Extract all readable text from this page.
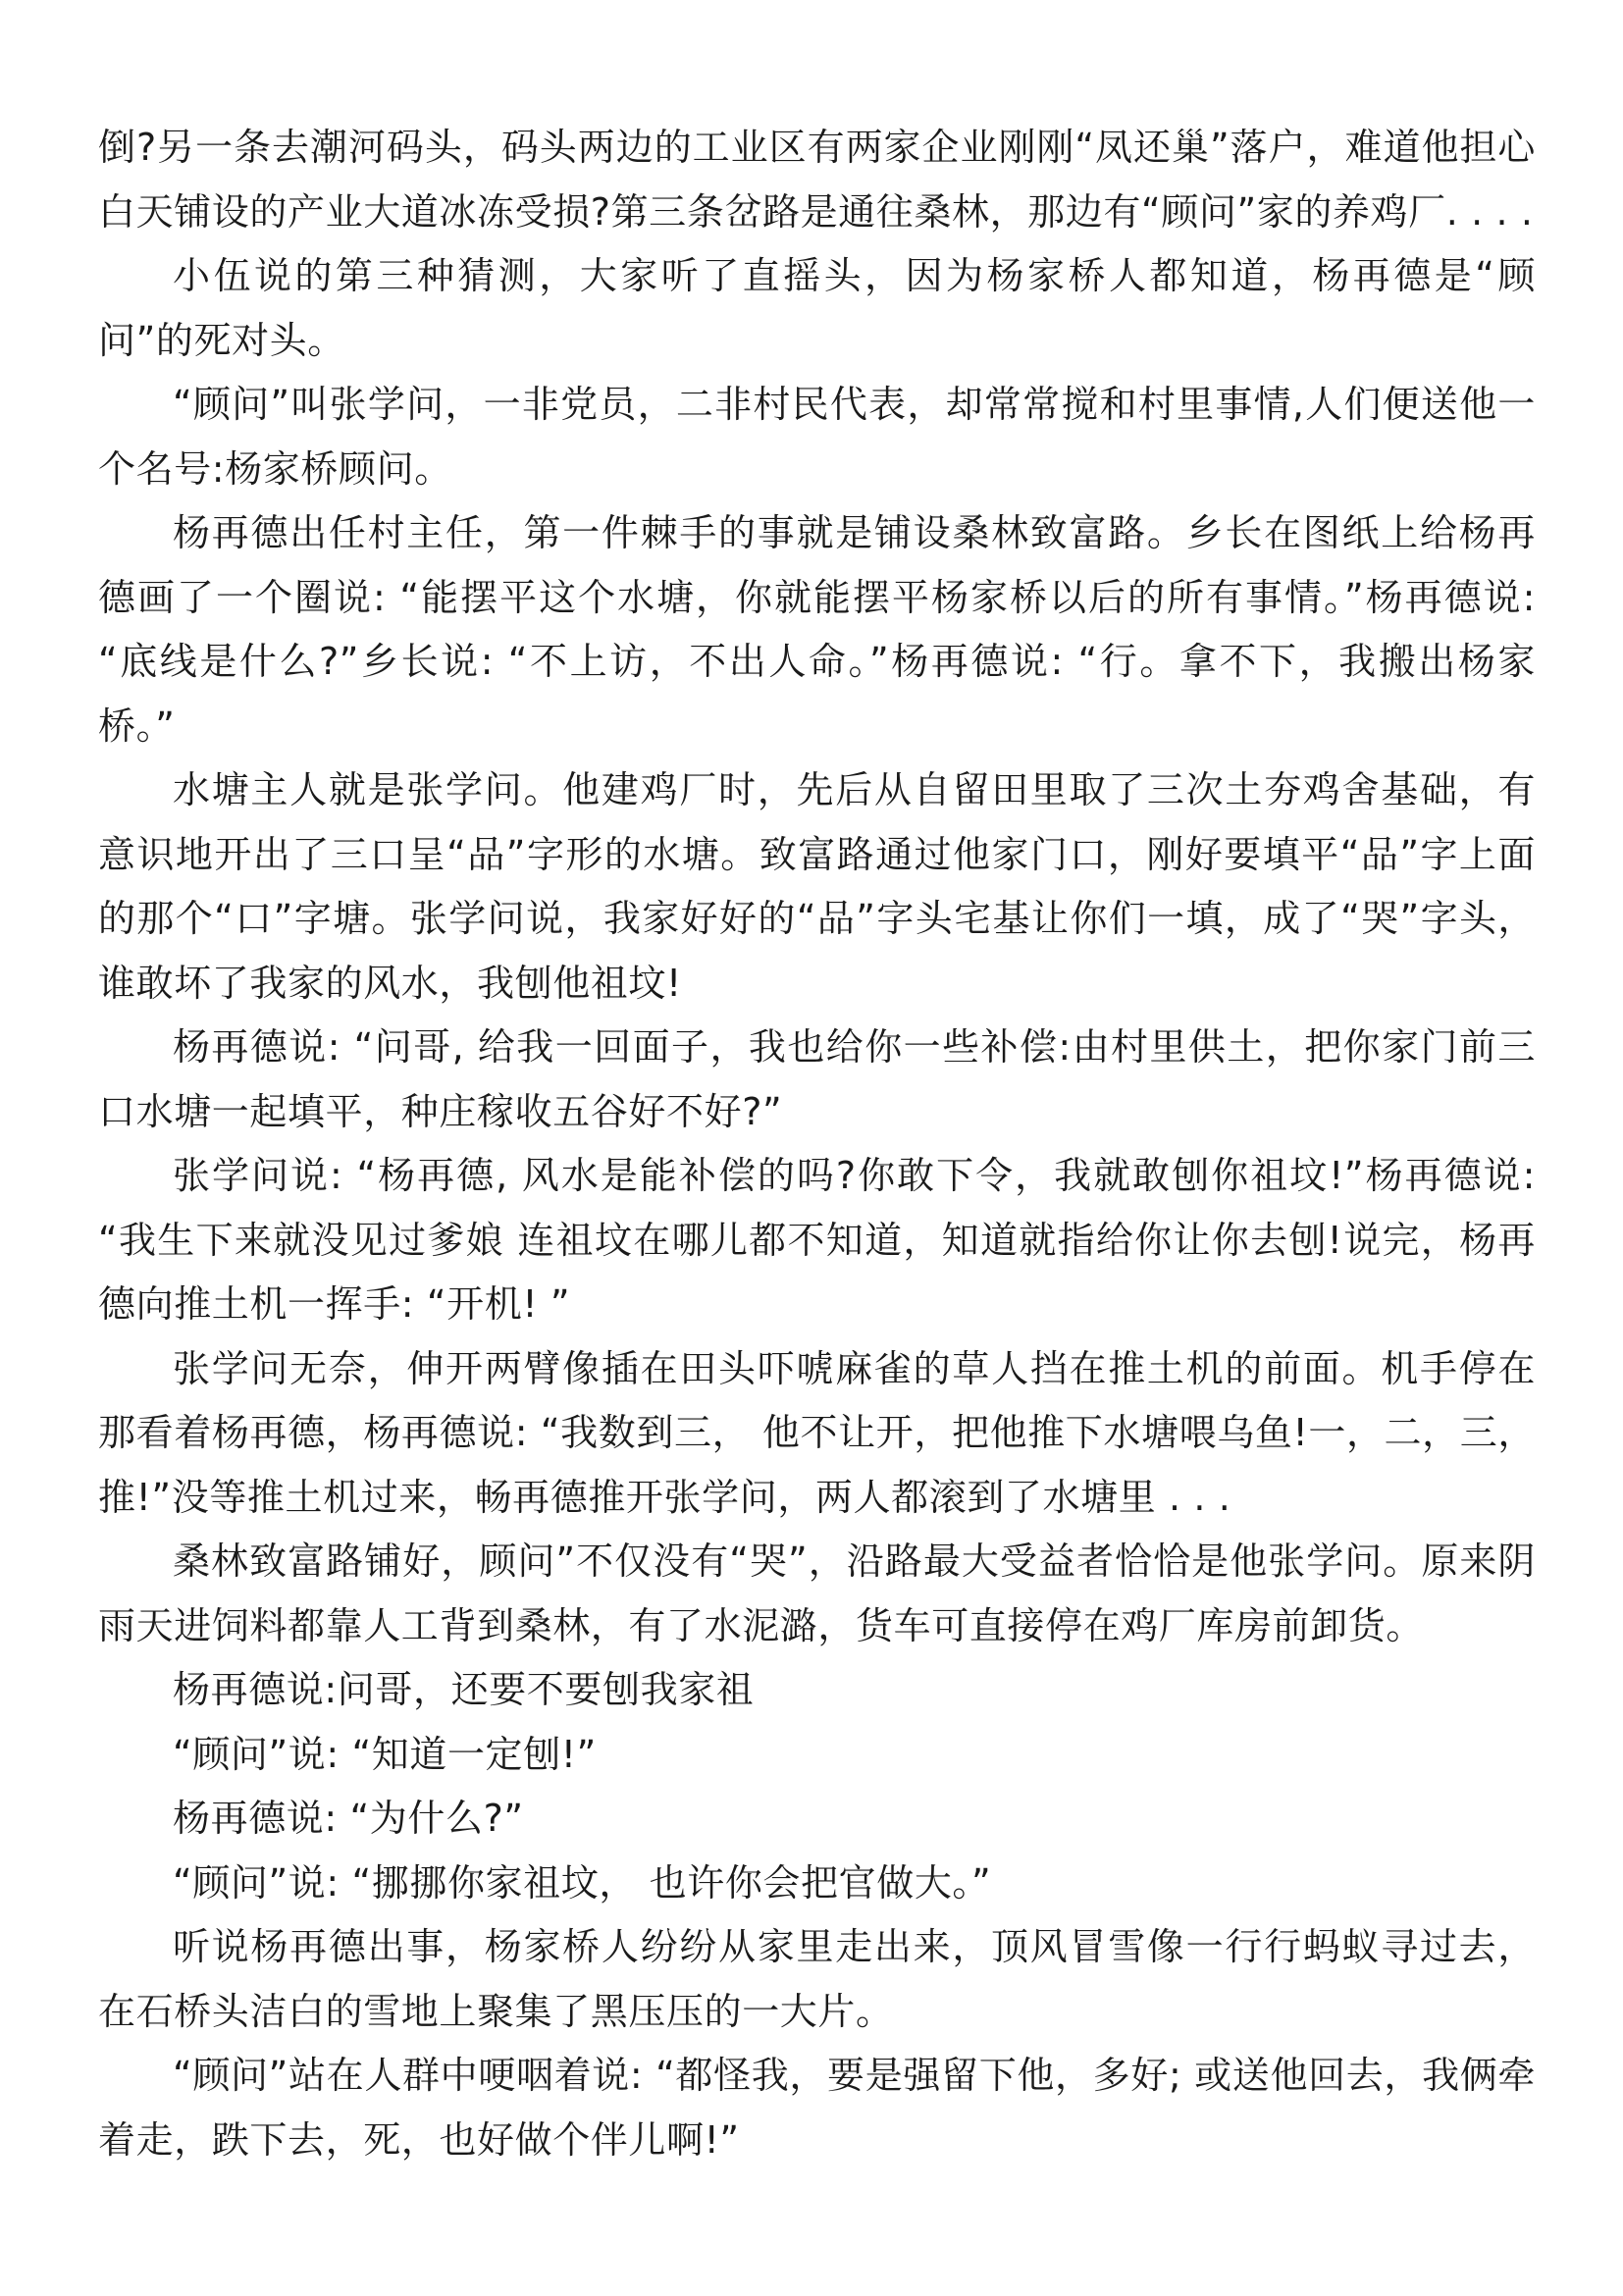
倒?另一条去潮河码头，码头两边的工业区有两家企业刚刚“凤还巢”落户，难道他担心白天铺设的产业大道冰冻受损?第三条岔路是通往桑林，那边有“顾问”家的养鸡厂. . . .

小伍说的第三种猜测，大家听了直摇头，因为杨家桥人都知道，杨再德是“顾问”的死对头。

“顾问”叫张学问，一非党员，二非村民代表，却常常搅和村里事情,人们便送他一个名号:杨家桥顾问。

杨再德出任村主任，第一件棘手的事就是铺设桑林致富路。乡长在图纸上给杨再德画了一个圈说: “能摆平这个水塘，你就能摆平杨家桥以后的所有事情。”杨再德说: “底线是什么?”乡长说: “不上访，不出人命。”杨再德说: “行。拿不下，我搬出杨家桥。”

水塘主人就是张学问。他建鸡厂时，先后从自留田里取了三次土夯鸡舍基础，有意识地开出了三口呈“品”字形的水塘。致富路通过他家门口，刚好要填平“品”字上面的那个“口”字塘。张学问说，我家好好的“品”字头宅基让你们一填，成了“哭”字头，谁敢坏了我家的风水，我刨他祖坟!

杨再德说: “问哥, 给我一回面子，我也给你一些补偿:由村里供土，把你家门前三口水塘一起填平，种庄稼收五谷好不好?”

张学问说: “杨再德, 风水是能补偿的吗?你敢下令，我就敢刨你祖坟!”杨再德说: “我生下来就没见过爹娘 连祖坟在哪儿都不知道，知道就指给你让你去刨!说完，杨再德向推土机一挥手: “开机! ”

张学问无奈，伸开两臂像插在田头吓唬麻雀的草人挡在推土机的前面。机手停在那看着杨再德，杨再德说: “我数到三， 他不让开，把他推下水塘喂乌鱼!一，二，三，推!”没等推土机过来，畅再德推开张学问，两人都滚到了水塘里 . . .

桑林致富路铺好，顾问”不仅没有“哭”，沿路最大受益者恰恰是他张学问。原来阴雨天进饲料都靠人工背到桑林，有了水泥潞，货车可直接停在鸡厂库房前卸货。

杨再德说:问哥，还要不要刨我家祖

“顾问”说: “知道一定刨!”

杨再德说: “为什么?”

“顾问”说: “挪挪你家祖坟， 也许你会把官做大。”

听说杨再德出事，杨家桥人纷纷从家里走出来，顶风冒雪像一行行蚂蚁寻过去，在石桥头洁白的雪地上聚集了黑压压的一大片。

“顾问”站在人群中哽咽着说: “都怪我，要是强留下他，多好; 或送他回去，我俩牵着走，跌下去，死，也好做个伴儿啊!”
